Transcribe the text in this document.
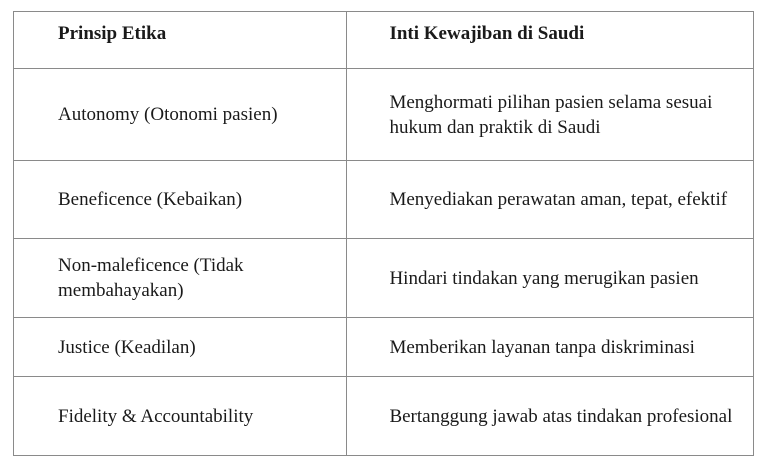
Prinsip Etika	Inti Kewajiban di Saudi
Autonomy (Otonomi pasien)	Menghormati pilihan pasien selama sesuai hukum dan praktik di Saudi
Beneficence (Kebaikan)	Menyediakan perawatan aman, tepat, efektif
Non-maleficence (Tidak membahayakan)	Hindari tindakan yang merugikan pasien
Justice (Keadilan)	Memberikan layanan tanpa diskriminasi
Fidelity & Accountability	Bertanggung jawab atas tindakan profesional
